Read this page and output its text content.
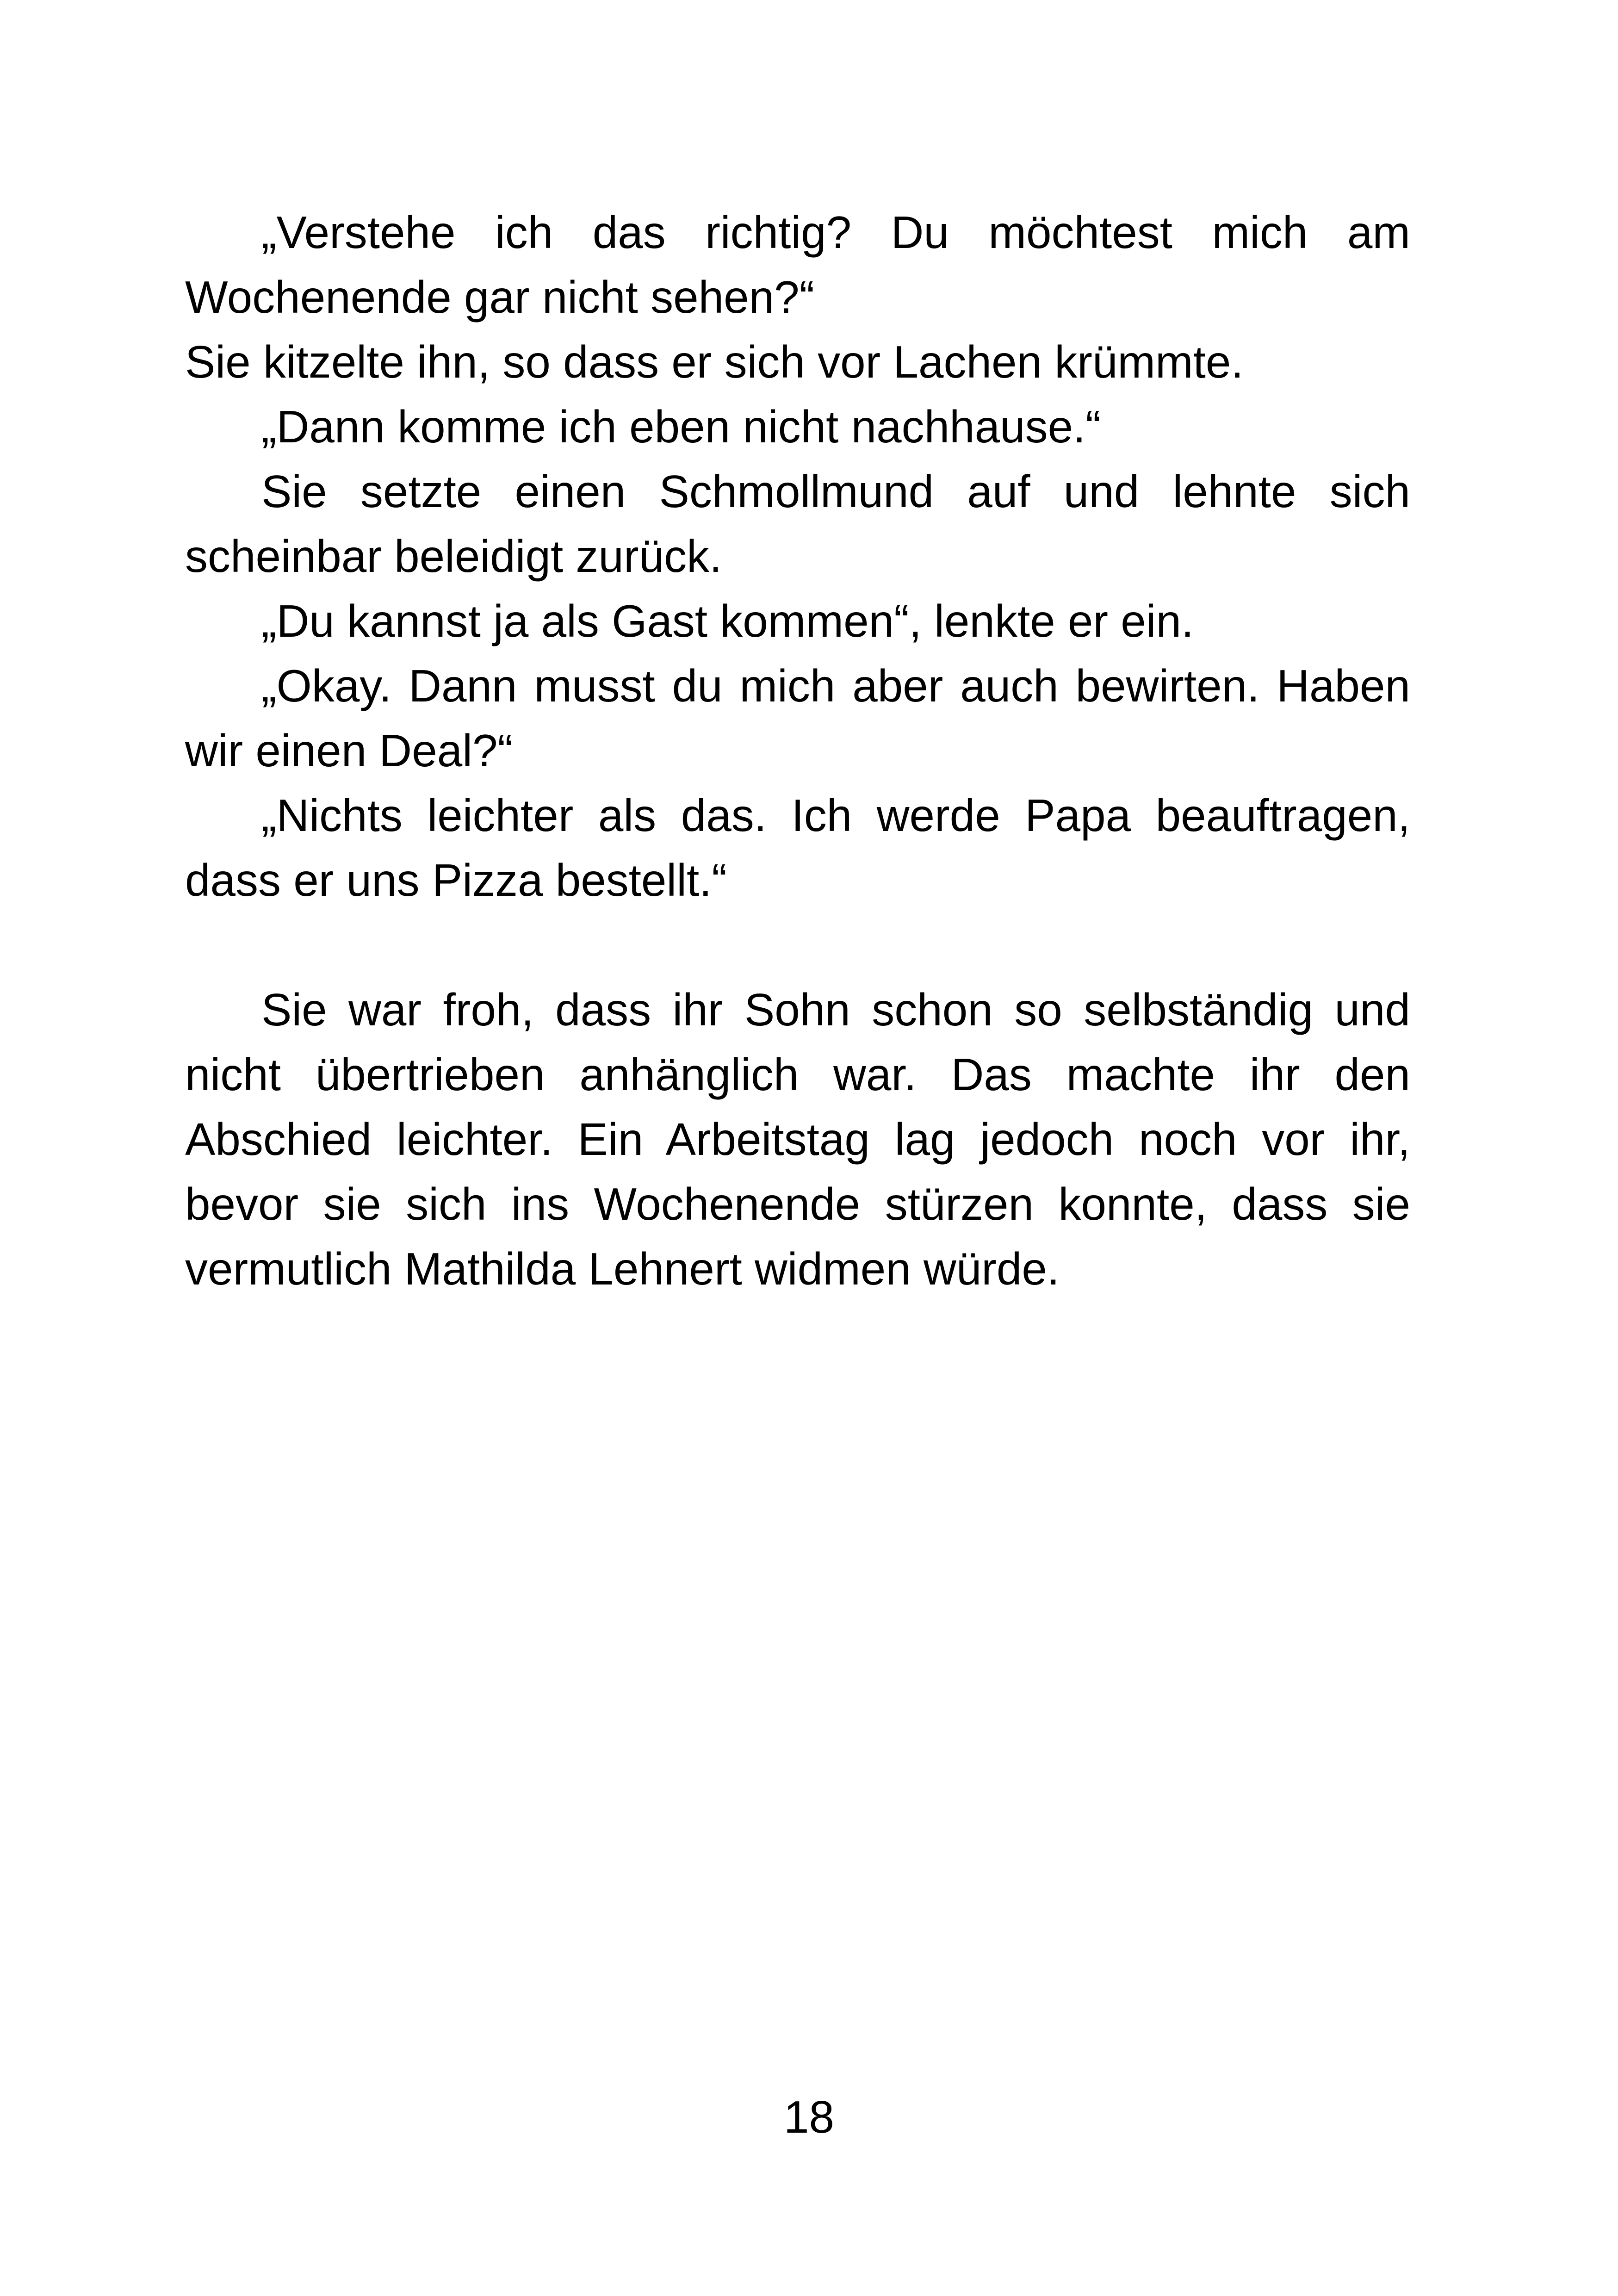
„Verstehe ich das richtig? Du möchtest mich am Wochenende gar nicht sehen?“

Sie kitzelte ihn, so dass er sich vor Lachen krümmte.

„Dann komme ich eben nicht nachhause.“

Sie setzte einen Schmollmund auf und lehnte sich scheinbar beleidigt zurück.

„Du kannst ja als Gast kommen“, lenkte er ein.

„Okay. Dann musst du mich aber auch bewirten. Haben wir einen Deal?“

„Nichts leichter als das. Ich werde Papa beauftragen, dass er uns Pizza bestellt.“

Sie war froh, dass ihr Sohn schon so selbständig und nicht übertrieben anhänglich war. Das machte ihr den Abschied leichter. Ein Arbeitstag lag jedoch noch vor ihr, bevor sie sich ins Wochenende stürzen konnte, dass sie vermutlich Mathilda Lehnert widmen würde.

18
